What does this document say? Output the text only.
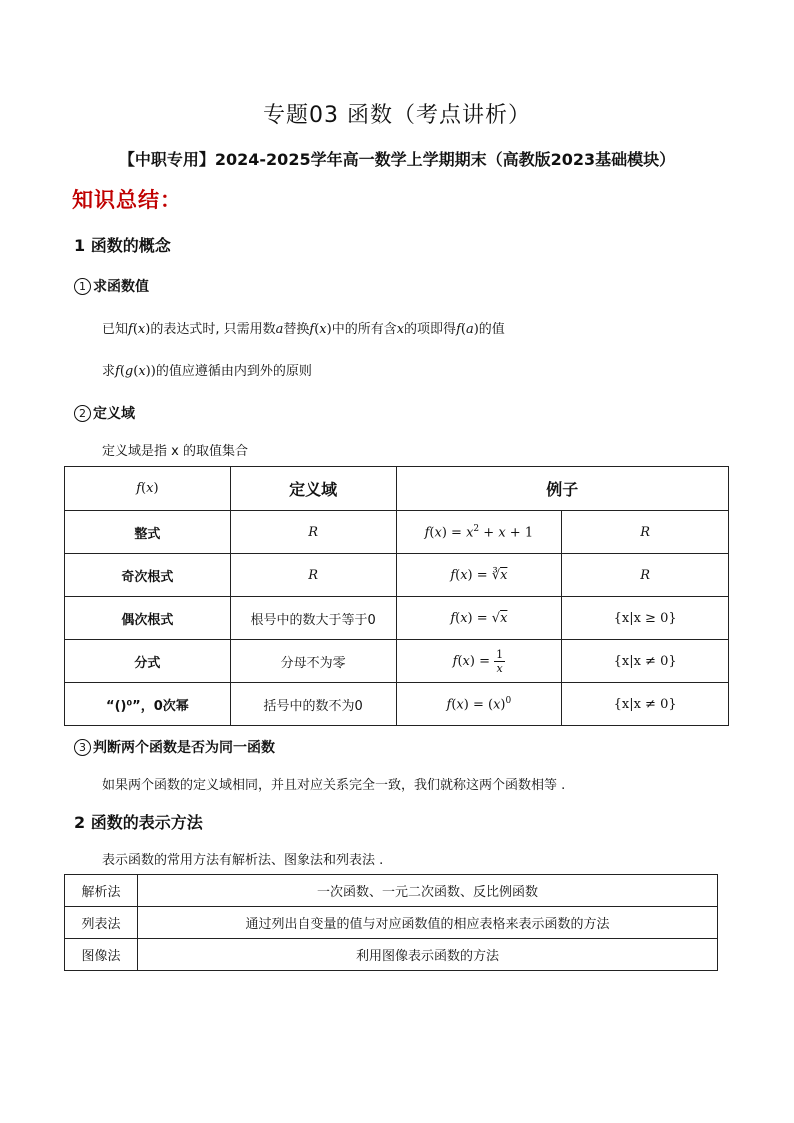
专题03 函数（考点讲析）
【中职专用】2024-2025学年高一数学上学期期末（高教版2023基础模块）
知识总结：
1 函数的概念
1 求函数值
已知f(x)的表达式时, 只需用数a替换f(x)中的所有含x的项即得f(a)的值
求f(g(x))的值应遵循由内到外的原则
2 定义域
定义域是指 x 的取值集合
f(x)	定义域	例子	
整式	R	$f(x) = x^2 + x + 1$	R
奇次根式	R	$f(x) = ∛\overline{x}$	R
偶次根式	根号中的数大于等于0	f(x) = √x	{x|x ≥ 0}
分式	分母不为零	$f(x) = \frac{1}{x}$	{x|x ≠ 0}
“()⁰”，0次幂	括号中的数不为0	$f(x) = (x)^0$	{x|x ≠ 0}
3 判断两个函数是否为同一函数
如果两个函数的定义域相同，并且对应关系完全一致，我们就称这两个函数相等 .
2 函数的表示方法
表示函数的常用方法有解析法、图象法和列表法 .
解析法	一次函数、一元二次函数、反比例函数
列表法	通过列出自变量的值与对应函数值的相应表格来表示函数的方法
图像法	利用图像表示函数的方法
